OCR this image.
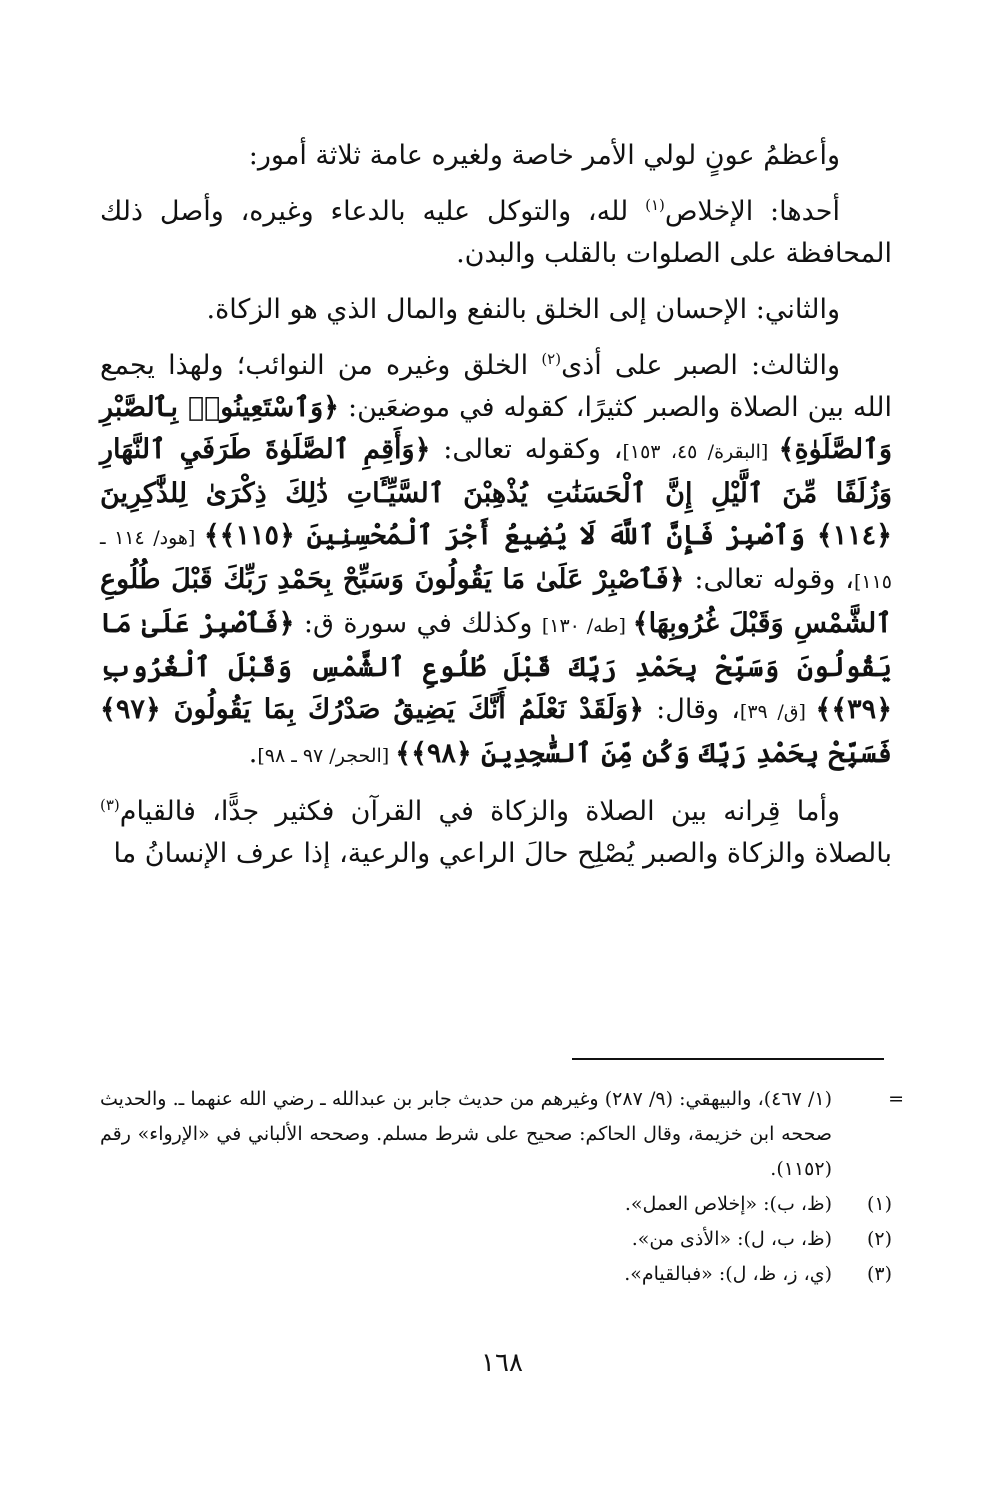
وأعظمُ عونٍ لولي الأمر خاصة ولغيره عامة ثلاثة أمور:

أحدها: الإخلاص$^{(١)}$ لله، والتوكل عليه بالدعاء وغيره، وأصل ذلك المحافظة على الصلوات بالقلب والبدن.

والثاني: الإحسان إلى الخلق بالنفع والمال الذي هو الزكاة.

والثالث: الصبر على أذى$^{(٢)}$ الخلق وغيره من النوائب؛ ولهذا يجمع الله بين الصلاة والصبر كثيرًا، كقوله في موضعَين: ﴿وَٱسْتَعِينُوا۟ بِٱلصَّبْرِ وَٱلصَّلَوٰةِ﴾ [البقرة/ ٤٥، ١٥٣]، وكقوله تعالى: ﴿وَأَقِمِ ٱلصَّلَوٰةَ طَرَفَيِ ٱلنَّهَارِ وَزُلَفًا مِّنَ ٱلَّيْلِ إِنَّ ٱلْحَسَنَٰتِ يُذْهِبْنَ ٱلسَّيِّـَٔاتِ ذَٰلِكَ ذِكْرَىٰ لِلذَّٰكِرِينَ ﴿١١٤﴾ وَٱصْبِرْ فَإِنَّ ٱللَّهَ لَا يُضِيعُ أَجْرَ ٱلْمُحْسِنِينَ ﴿١١٥﴾﴾ [هود/ ١١٤ ـ ١١٥]، وقوله تعالى: ﴿فَٱصْبِرْ عَلَىٰ مَا يَقُولُونَ وَسَبِّحْ بِحَمْدِ رَبِّكَ قَبْلَ طُلُوعِ ٱلشَّمْسِ وَقَبْلَ غُرُوبِهَا﴾ [طه/ ١٣٠] وكذلك في سورة ق: ﴿فَٱصْبِرْ عَلَىٰ مَا يَقُولُونَ وَسَبِّحْ بِحَمْدِ رَبِّكَ قَبْلَ طُلُوعِ ٱلشَّمْسِ وَقَبْلَ ٱلْغُرُوبِ ﴿٣٩﴾﴾ [ق/ ٣٩]، وقال: ﴿وَلَقَدْ نَعْلَمُ أَنَّكَ يَضِيقُ صَدْرُكَ بِمَا يَقُولُونَ ﴿٩٧﴾ فَسَبِّحْ بِحَمْدِ رَبِّكَ وَكُن مِّنَ ٱلسَّٰجِدِينَ ﴿٩٨﴾﴾ [الحجر/ ٩٧ ـ ٩٨].

وأما قِرانه بين الصلاة والزكاة في القرآن فكثير جدًّا، فالقيام$^{(٣)}$ بالصلاة والزكاة والصبر يُصْلِح حالَ الراعي والرعية، إذا عرف الإنسانُ ما

=
(١/ ٤٦٧)، والبيهقي: (٩/ ٢٨٧) وغيرهم من حديث جابر بن عبدالله ـ رضي الله عنهما ـ. والحديث صححه ابن خزيمة، وقال الحاكم: صحيح على شرط مسلم. وصححه الألباني في «الإرواء» رقم (١١٥٢).
(١)
(ظ، ب): «إخلاص العمل».
(٢)
(ظ، ب، ل): «الأذى من».
(٣)
(ي، ز، ظ، ل): «فبالقيام».
١٦٨
